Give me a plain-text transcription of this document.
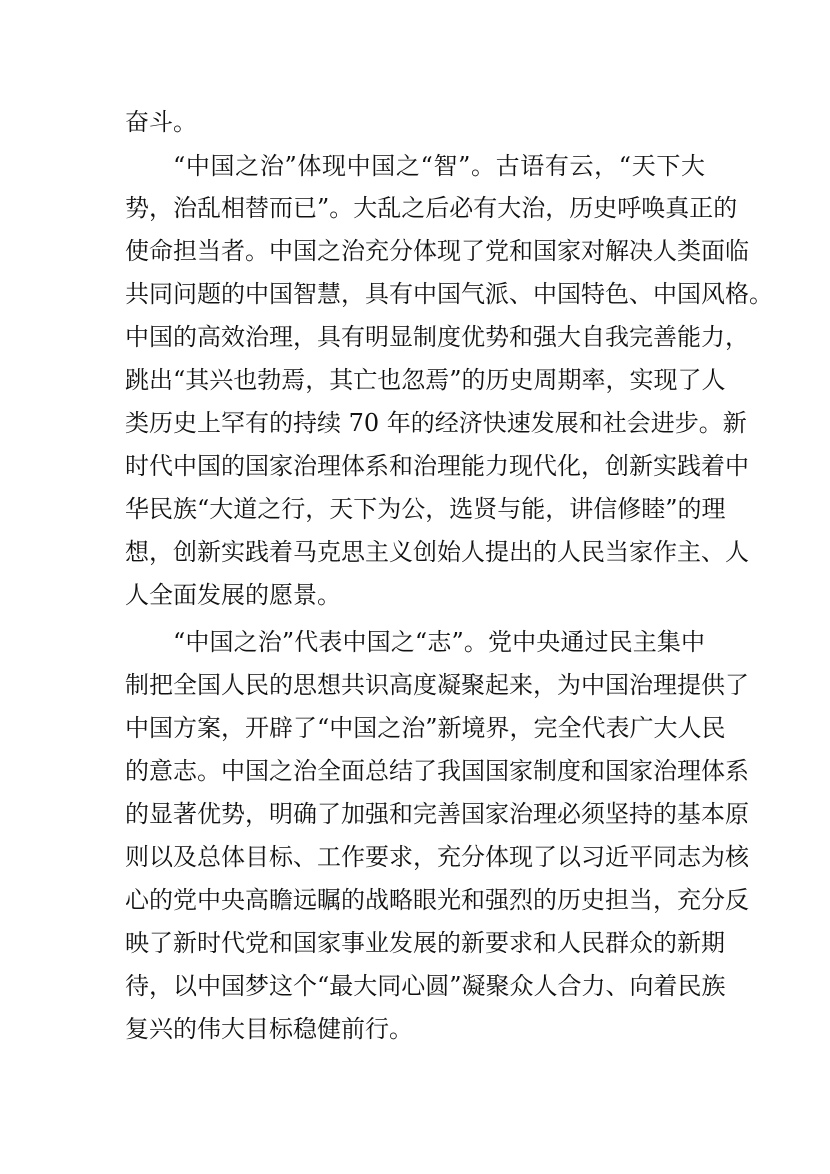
奋斗。
“中国之治”体现中国之“智”。古语有云，“天下大
势，治乱相替而已”。大乱之后必有大治，历史呼唤真正的
使命担当者。中国之治充分体现了党和国家对解决人类面临
共同问题的中国智慧，具有中国气派、中国特色、中国风格。
中国的高效治理，具有明显制度优势和强大自我完善能力，
跳出“其兴也勃焉，其亡也忽焉”的历史周期率，实现了人
类历史上罕有的持续 70 年的经济快速发展和社会进步。新
时代中国的国家治理体系和治理能力现代化，创新实践着中
华民族“大道之行，天下为公，选贤与能，讲信修睦”的理
想，创新实践着马克思主义创始人提出的人民当家作主、人
人全面发展的愿景。
“中国之治”代表中国之“志”。党中央通过民主集中
制把全国人民的思想共识高度凝聚起来，为中国治理提供了
中国方案，开辟了“中国之治”新境界，完全代表广大人民
的意志。中国之治全面总结了我国国家制度和国家治理体系
的显著优势，明确了加强和完善国家治理必须坚持的基本原
则以及总体目标、工作要求，充分体现了以习近平同志为核
心的党中央高瞻远瞩的战略眼光和强烈的历史担当，充分反
映了新时代党和国家事业发展的新要求和人民群众的新期
待，以中国梦这个“最大同心圆”凝聚众人合力、向着民族
复兴的伟大目标稳健前行。
